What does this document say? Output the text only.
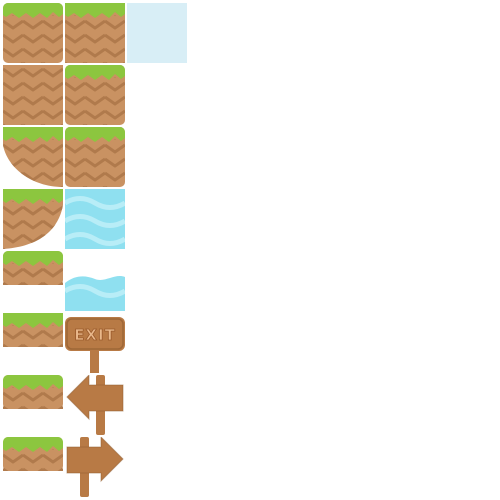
EXIT
